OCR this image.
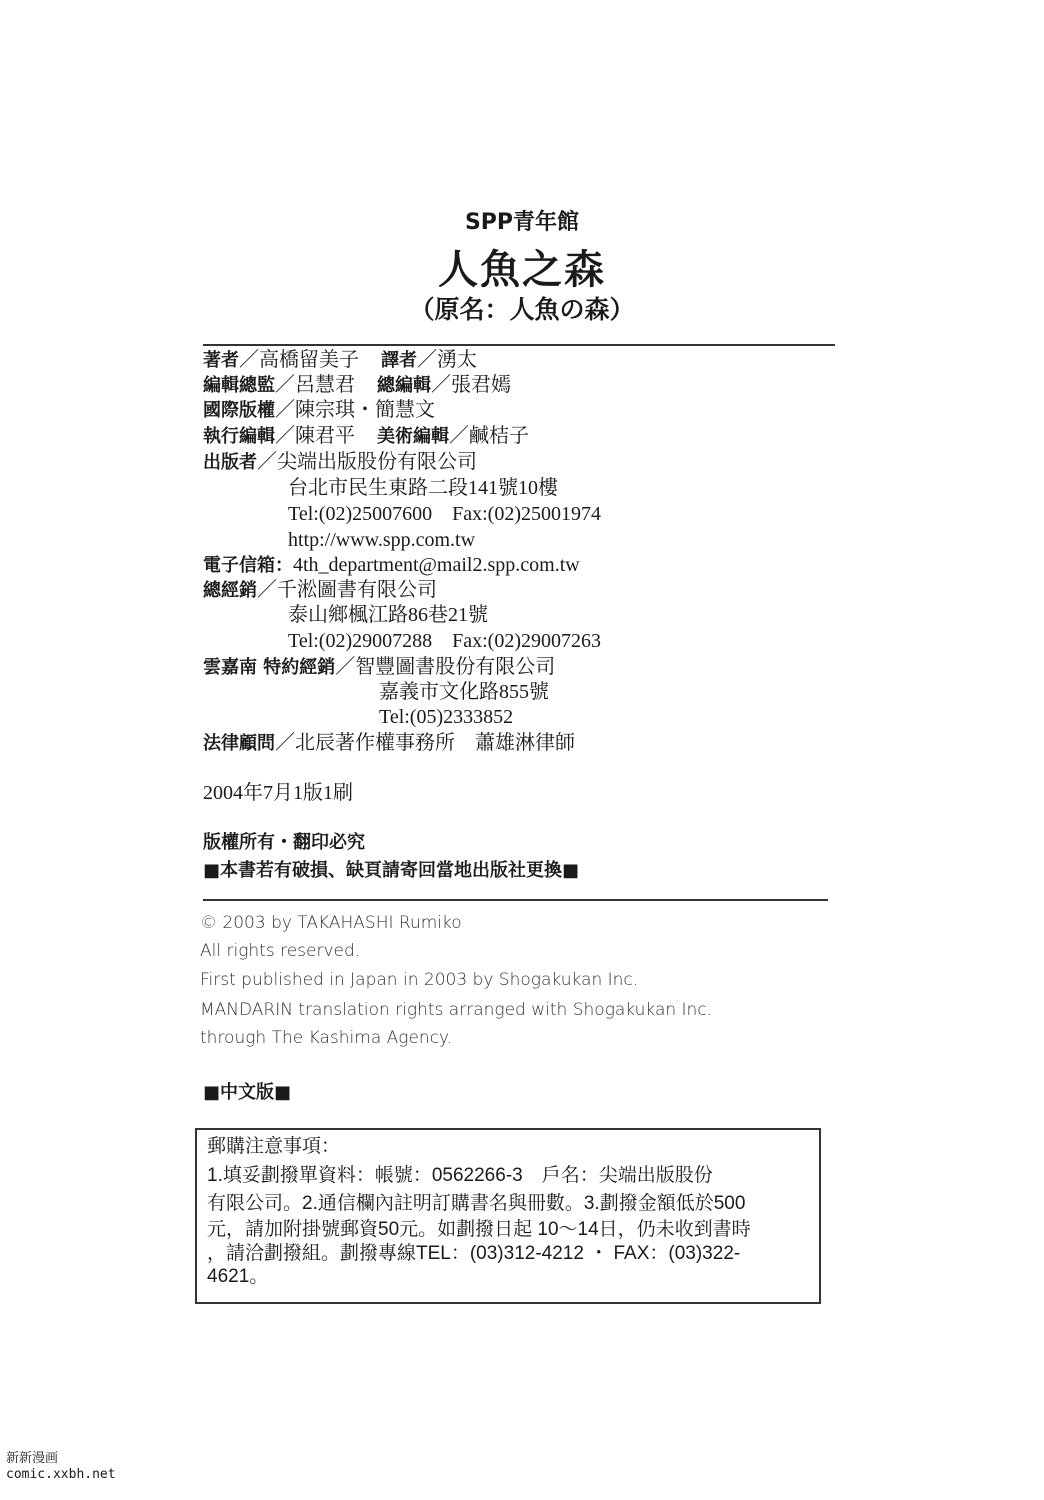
SPP青年館
人魚之森
（原名：人魚の森）
著者／高橋留美子 譯者／湧太
編輯總監／呂慧君 總編輯／張君嫣
國際版權／陳宗琪・簡慧文
執行編輯／陳君平 美術編輯／鹹桔子
出版者／尖端出版股份有限公司
台北市民生東路二段141號10樓
Tel:(02)25007600　Fax:(02)25001974
http://www.spp.com.tw
電子信箱：4th_department@mail2.spp.com.tw
總經銷／千淞圖書有限公司
泰山鄉楓江路86巷21號
Tel:(02)29007288　Fax:(02)29007263
雲嘉南 特約經銷／智豐圖書股份有限公司
嘉義市文化路855號
Tel:(05)2333852
法律顧問／北辰著作權事務所　蕭雄淋律師
2004年7月1版1刷
版權所有・翻印必究
■本書若有破損、缺頁請寄回當地出版社更換■
© 2003 by TAKAHASHI Rumiko
All rights reserved.
First published in Japan in 2003 by Shogakukan Inc.
MANDARIN translation rights arranged with Shogakukan Inc.
through The Kashima Agency.
■中文版■
郵購注意事項：
1.填妥劃撥單資料：帳號：0562266-3　戶名：尖端出版股份
有限公司。2.通信欄內註明訂購書名與冊數。3.劃撥金額低於500
元，請加附掛號郵資50元。如劃撥日起 10～14日，仍未收到書時
，請洽劃撥組。劃撥專線TEL：(03)312-4212 ・ FAX：(03)322-
4621。
新新漫画
comic.xxbh.net
